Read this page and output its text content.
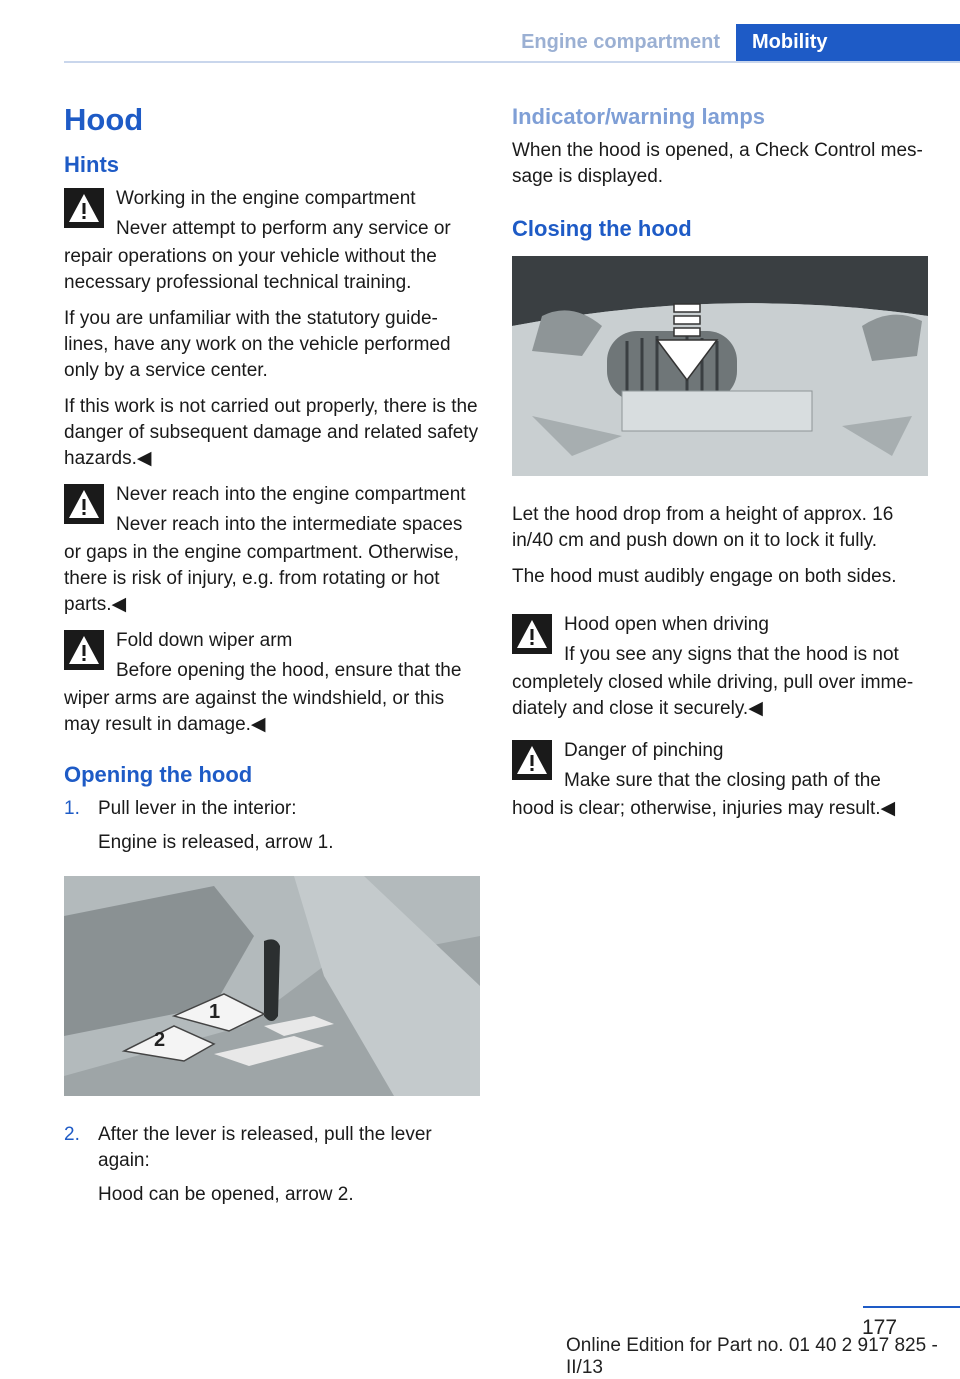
Engine compartment	Mobility
Hood
Hints
Working in the engine compartment
Never attempt to perform any service or

repair operations on your vehicle without the necessary professional technical training.

If you are unfamiliar with the statutory guide-lines, have any work on the vehicle performed only by a service center.

If this work is not carried out properly, there is the danger of subsequent damage and related safety hazards.◀

Never reach into the engine compartment
Never reach into the intermediate spaces

or gaps in the engine compartment. Otherwise, there is risk of injury, e.g. from rotating or hot parts.◀

Fold down wiper arm
Before opening the hood, ensure that the

wiper arms are against the windshield, or this may result in damage.◀

Opening the hood
1. Pull lever in the interior:
Engine is released, arrow 1.
2
1
2. After the lever is released, pull the lever again:
Hood can be opened, arrow 2.
Indicator/warning lamps

When the hood is opened, a Check Control mes-sage is displayed.

Closing the hood

Let the hood drop from a height of approx. 16 in/40 cm and push down on it to lock it fully.

The hood must audibly engage on both sides.

Hood open when driving
If you see any signs that the hood is not

completely closed while driving, pull over imme-diately and close it securely.◀

Danger of pinching
Make sure that the closing path of the

hood is clear; otherwise, injuries may result.◀

177
Online Edition for Part no. 01 40 2 917 825 - II/13
